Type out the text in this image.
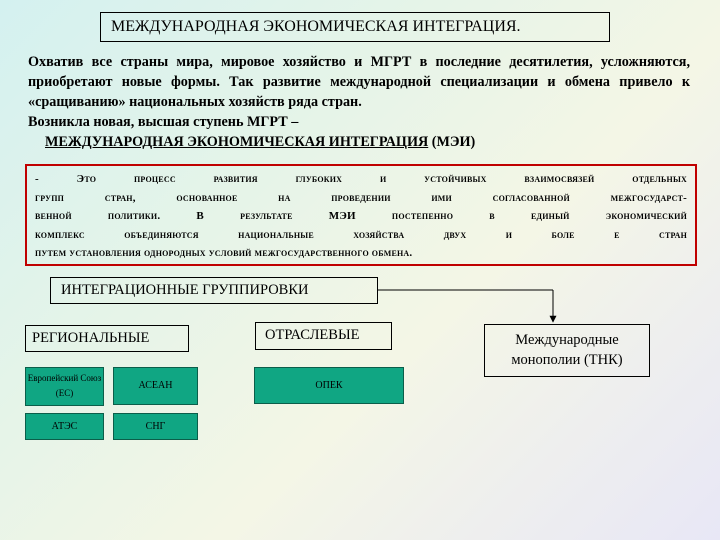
МЕЖДУНАРОДНАЯ ЭКОНОМИЧЕСКАЯ ИНТЕГРАЦИЯ.

Охватив все страны мира, мировое хозяйство и МГРТ в последние десятилетия, усложняются, приобретают новые формы. Так развитие международной специализации и обмена привело к «сращиванию» национальных хозяйств ряда стран.

Возникла новая, высшая ступень МГРТ –

МЕЖДУНАРОДНАЯ ЭКОНОМИЧЕСКАЯ ИНТЕГРАЦИЯ (МЭИ)

- Это процесс развития глубоких и устойчивых взаимосвязей отдельных
групп стран, основанное на проведении ими согласованной межгосударст-
венной политики. В результате МЭИ постепенно в единый экономический
комплекс объединяются национальные хозяйства двух и боле е стран
путем установления однородных условий межгосударственного обмена.
ИНТЕГРАЦИОННЫЕ ГРУППИРОВКИ
РЕГИОНАЛЬНЫЕ	ОТРАСЛЕВЫЕ	Международные монополии (ТНК)
Европейский Союз (ЕС)
АСЕАН
АТЭС	СНГ
ОПЕК
